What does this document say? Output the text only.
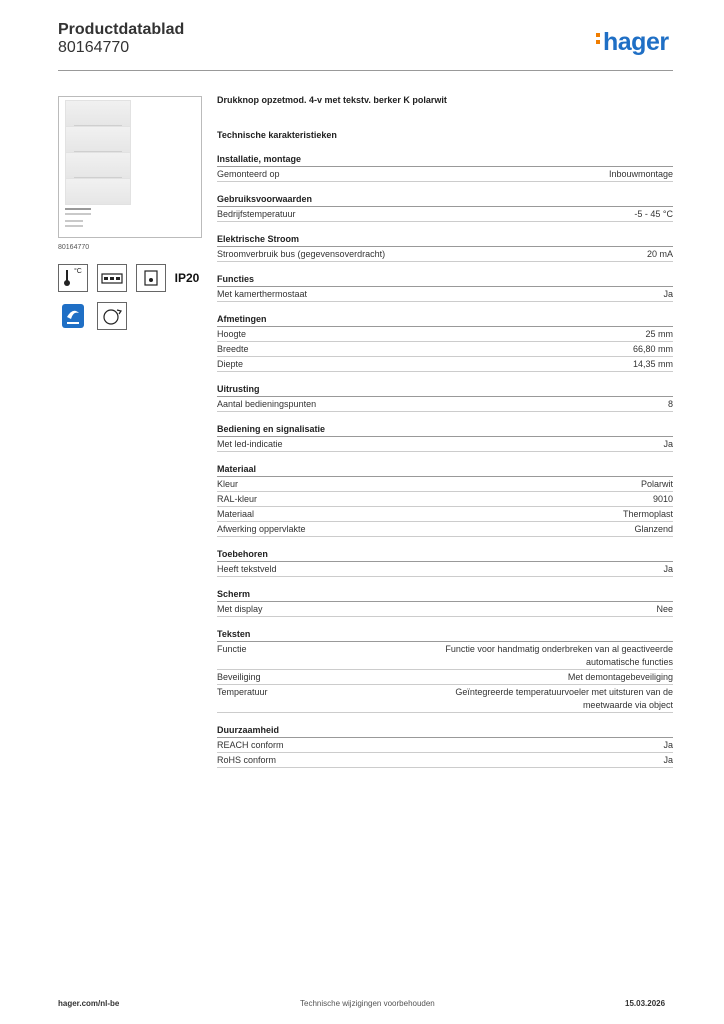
Productdatablad
80164770	hager
80164770
°C	IP20
Drukknop opzetmod. 4-v met tekstv. berker K polarwit
Technische karakteristieken
Installatie, montage
Gemonteerd op	Inbouwmontage
Gebruiksvoorwaarden
Bedrijfstemperatuur	-5 - 45 °C
Elektrische Stroom
Stroomverbruik bus (gegevensoverdracht)	20 mA
Functies
Met kamerthermostaat	Ja
Afmetingen
Hoogte	25 mm
Breedte	66,80 mm
Diepte	14,35 mm
Uitrusting
Aantal bedieningspunten	8
Bediening en signalisatie
Met led-indicatie	Ja
Materiaal
Kleur	Polarwit
RAL-kleur	9010
Materiaal	Thermoplast
Afwerking oppervlakte	Glanzend
Toebehoren
Heeft tekstveld	Ja
Scherm
Met display	Nee
Teksten
Functie	Functie voor handmatig onderbreken van al geactiveerde automatische functies
Beveiliging	Met demontagebeveiliging
Temperatuur	Geïntegreerde temperatuurvoeler met uitsturen van de meetwaarde via object
Duurzaamheid
REACH conform	Ja
RoHS conform	Ja
hager.com/nl-be	Technische wijzigingen voorbehouden	15.03.2026
